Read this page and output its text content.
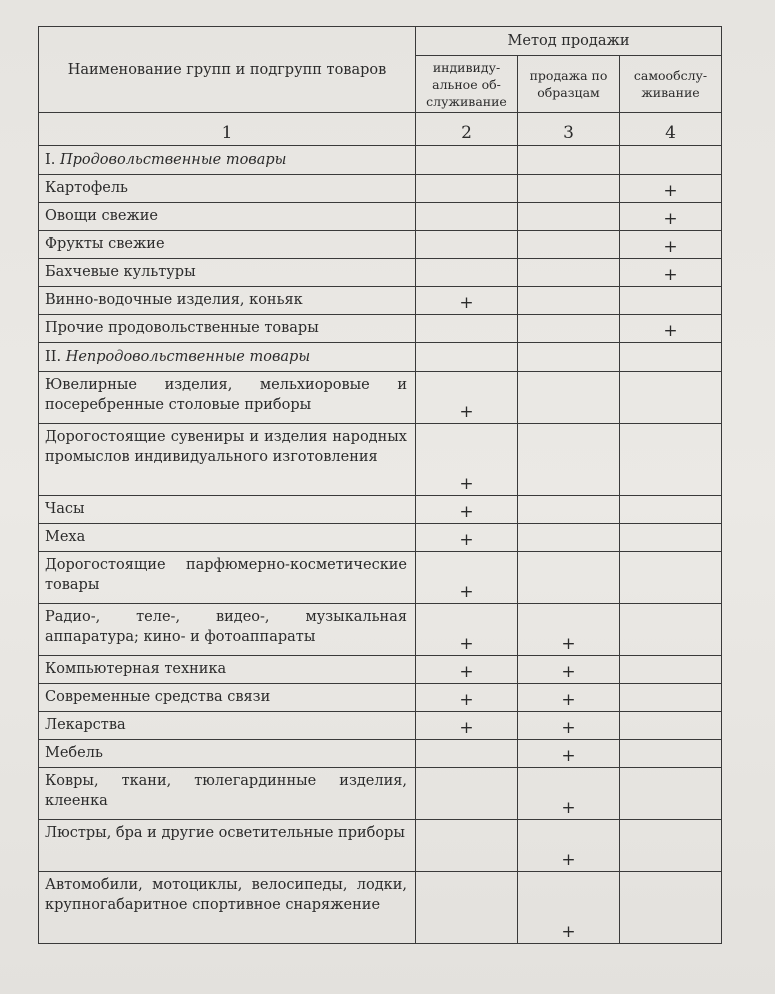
Наименование групп и подгрупп товаров	Метод продажи		
	индивиду-альное об-служивание	продажа по образцам	самообслу-живание
1	2	3	4
I. Продовольственные товары			
Картофель			+
Овощи свежие			+
Фрукты свежие			+
Бахчевые культуры			+
Винно-водочные изделия, коньяк	+		
Прочие продовольственные товары			+
II. Непродовольственные товары			
Ювелирные изделия, мельхиоровые и посеребренные столовые приборы	+		
Дорогостоящие сувениры и изделия народных промыслов индивидуального изготовления	+		
Часы	+		
Меха	+		
Дорогостоящие парфюмерно-косметические товары	+		
Радио-, теле-, видео-, музыкальная аппаратура; кино- и фотоаппараты	+	+	
Компьютерная техника	+	+	
Современные средства связи	+	+	
Лекарства	+	+	
Мебель		+	
Ковры, ткани, тюлегардинные изделия, клеенка		+	
Люстры, бра и другие осветительные приборы		+	
Автомобили, мотоциклы, велосипеды, лодки, крупногабаритное спортивное снаряжение		+	
